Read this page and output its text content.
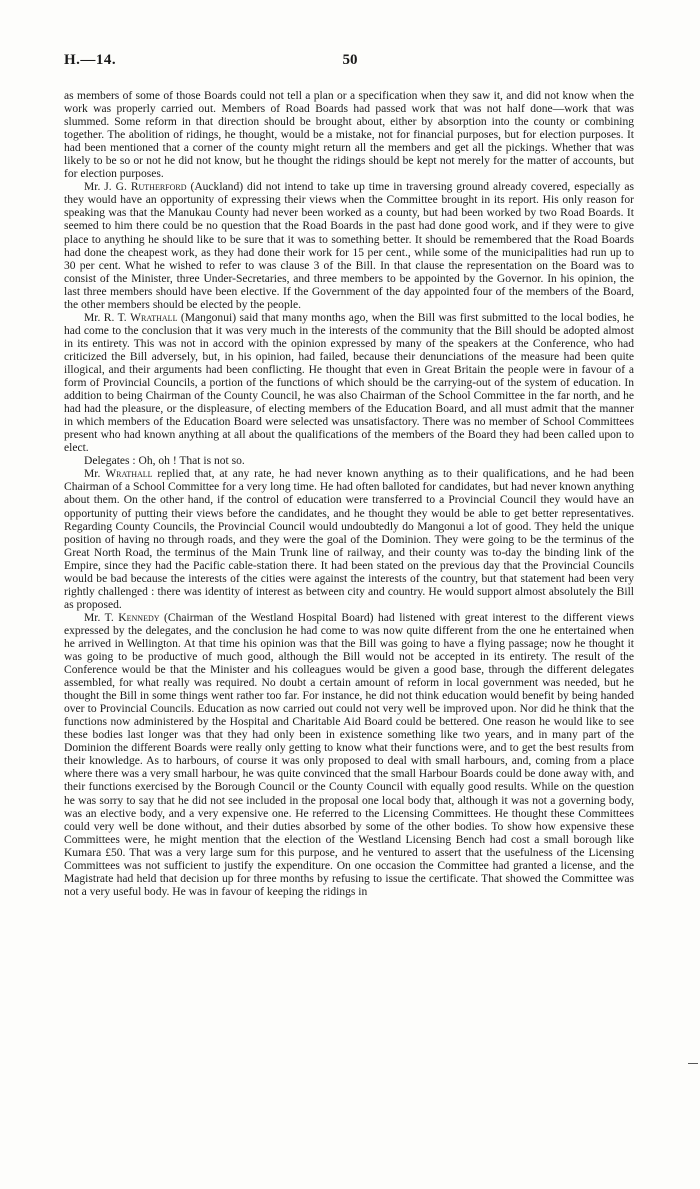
H.—14.	50

as members of some of those Boards could not tell a plan or a specification when they saw it, and did not know when the work was properly carried out. Members of Road Boards had passed work that was not half done—work that was slummed. Some reform in that direction should be brought about, either by absorption into the county or combining together. The abolition of ridings, he thought, would be a mistake, not for financial purposes, but for election purposes. It had been mentioned that a corner of the county might return all the members and get all the pickings. Whether that was likely to be so or not he did not know, but he thought the ridings should be kept not merely for the matter of accounts, but for election purposes.

Mr. J. G. Rutherford (Auckland) did not intend to take up time in traversing ground already covered, especially as they would have an opportunity of expressing their views when the Committee brought in its report. His only reason for speaking was that the Manukau County had never been worked as a county, but had been worked by two Road Boards. It seemed to him there could be no question that the Road Boards in the past had done good work, and if they were to give place to anything he should like to be sure that it was to something better. It should be remembered that the Road Boards had done the cheapest work, as they had done their work for 15 per cent., while some of the municipalities had run up to 30 per cent. What he wished to refer to was clause 3 of the Bill. In that clause the representation on the Board was to consist of the Minister, three Under-Secretaries, and three members to be appointed by the Governor. In his opinion, the last three members should have been elective. If the Government of the day appointed four of the members of the Board, the other members should be elected by the people.

Mr. R. T. Wrathall (Mangonui) said that many months ago, when the Bill was first submitted to the local bodies, he had come to the conclusion that it was very much in the interests of the community that the Bill should be adopted almost in its entirety. This was not in accord with the opinion expressed by many of the speakers at the Conference, who had criticized the Bill adversely, but, in his opinion, had failed, because their denunciations of the measure had been quite illogical, and their arguments had been conflicting. He thought that even in Great Britain the people were in favour of a form of Provincial Councils, a portion of the functions of which should be the carrying-out of the system of education. In addition to being Chairman of the County Council, he was also Chairman of the School Committee in the far north, and he had had the pleasure, or the displeasure, of electing members of the Education Board, and all must admit that the manner in which members of the Education Board were selected was unsatisfactory. There was no member of School Committees present who had known anything at all about the qualifications of the members of the Board they had been called upon to elect.

Delegates : Oh, oh ! That is not so.

Mr. Wrathall replied that, at any rate, he had never known anything as to their qualifications, and he had been Chairman of a School Committee for a very long time. He had often balloted for candidates, but had never known anything about them. On the other hand, if the control of education were transferred to a Provincial Council they would have an opportunity of putting their views before the candidates, and he thought they would be able to get better representatives. Regarding County Councils, the Provincial Council would undoubtedly do Mangonui a lot of good. They held the unique position of having no through roads, and they were the goal of the Dominion. They were going to be the terminus of the Great North Road, the terminus of the Main Trunk line of railway, and their county was to-day the binding link of the Empire, since they had the Pacific cable-station there. It had been stated on the previous day that the Provincial Councils would be bad because the interests of the cities were against the interests of the country, but that statement had been very rightly challenged : there was identity of interest as between city and country. He would support almost absolutely the Bill as proposed.

Mr. T. Kennedy (Chairman of the Westland Hospital Board) had listened with great interest to the different views expressed by the delegates, and the conclusion he had come to was now quite different from the one he entertained when he arrived in Wellington. At that time his opinion was that the Bill was going to have a flying passage; now he thought it was going to be productive of much good, although the Bill would not be accepted in its entirety. The result of the Conference would be that the Minister and his colleagues would be given a good base, through the different delegates assembled, for what really was required. No doubt a certain amount of reform in local government was needed, but he thought the Bill in some things went rather too far. For instance, he did not think education would benefit by being handed over to Provincial Councils. Education as now carried out could not very well be improved upon. Nor did he think that the functions now administered by the Hospital and Charitable Aid Board could be bettered. One reason he would like to see these bodies last longer was that they had only been in existence something like two years, and in many part of the Dominion the different Boards were really only getting to know what their functions were, and to get the best results from their knowledge. As to harbours, of course it was only proposed to deal with small harbours, and, coming from a place where there was a very small harbour, he was quite convinced that the small Harbour Boards could be done away with, and their functions exercised by the Borough Council or the County Council with equally good results. While on the question he was sorry to say that he did not see included in the proposal one local body that, although it was not a governing body, was an elective body, and a very expensive one. He referred to the Licensing Committees. He thought these Committees could very well be done without, and their duties absorbed by some of the other bodies. To show how expensive these Committees were, he might mention that the election of the Westland Licensing Bench had cost a small borough like Kumara £50. That was a very large sum for this purpose, and he ventured to assert that the usefulness of the Licensing Committees was not sufficient to justify the expenditure. On one occasion the Committee had granted a license, and the Magistrate had held that decision up for three months by refusing to issue the certificate. That showed the Committee was not a very useful body. He was in favour of keeping the ridings in
